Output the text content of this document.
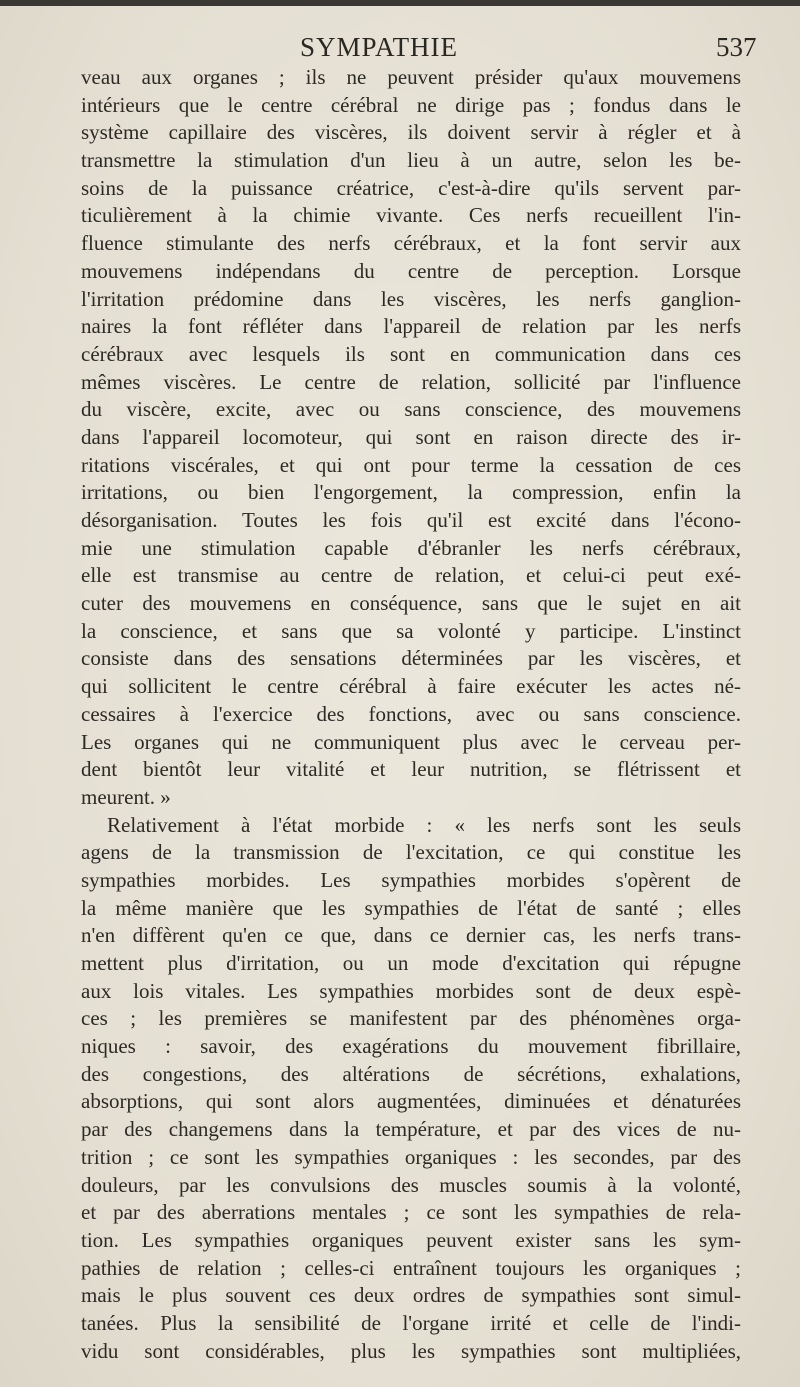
SYMPATHIE	537
veau aux organes ; ils ne peuvent présider qu'aux mouvemens
intérieurs que le centre cérébral ne dirige pas ; fondus dans le
système capillaire des viscères, ils doivent servir à régler et à
transmettre la stimulation d'un lieu à un autre, selon les be-
soins de la puissance créatrice, c'est-à-dire qu'ils servent par-
ticulièrement à la chimie vivante. Ces nerfs recueillent l'in-
fluence stimulante des nerfs cérébraux, et la font servir aux
mouvemens indépendans du centre de perception. Lorsque
l'irritation prédomine dans les viscères, les nerfs ganglion-
naires la font réfléter dans l'appareil de relation par les nerfs
cérébraux avec lesquels ils sont en communication dans ces
mêmes viscères. Le centre de relation, sollicité par l'influence
du viscère, excite, avec ou sans conscience, des mouvemens
dans l'appareil locomoteur, qui sont en raison directe des ir-
ritations viscérales, et qui ont pour terme la cessation de ces
irritations, ou bien l'engorgement, la compression, enfin la
désorganisation. Toutes les fois qu'il est excité dans l'écono-
mie une stimulation capable d'ébranler les nerfs cérébraux,
elle est transmise au centre de relation, et celui-ci peut exé-
cuter des mouvemens en conséquence, sans que le sujet en ait
la conscience, et sans que sa volonté y participe. L'instinct
consiste dans des sensations déterminées par les viscères, et
qui sollicitent le centre cérébral à faire exécuter les actes né-
cessaires à l'exercice des fonctions, avec ou sans conscience.
Les organes qui ne communiquent plus avec le cerveau per-
dent bientôt leur vitalité et leur nutrition, se flétrissent et
meurent. »
Relativement à l'état morbide : « les nerfs sont les seuls
agens de la transmission de l'excitation, ce qui constitue les
sympathies morbides. Les sympathies morbides s'opèrent de
la même manière que les sympathies de l'état de santé ; elles
n'en diffèrent qu'en ce que, dans ce dernier cas, les nerfs trans-
mettent plus d'irritation, ou un mode d'excitation qui répugne
aux lois vitales. Les sympathies morbides sont de deux espè-
ces ; les premières se manifestent par des phénomènes orga-
niques : savoir, des exagérations du mouvement fibrillaire,
des congestions, des altérations de sécrétions, exhalations,
absorptions, qui sont alors augmentées, diminuées et dénaturées
par des changemens dans la température, et par des vices de nu-
trition ; ce sont les sympathies organiques : les secondes, par des
douleurs, par les convulsions des muscles soumis à la volonté,
et par des aberrations mentales ; ce sont les sympathies de rela-
tion. Les sympathies organiques peuvent exister sans les sym-
pathies de relation ; celles-ci entraînent toujours les organiques ;
mais le plus souvent ces deux ordres de sympathies sont simul-
tanées. Plus la sensibilité de l'organe irrité et celle de l'indi-
vidu sont considérables, plus les sympathies sont multipliées,
